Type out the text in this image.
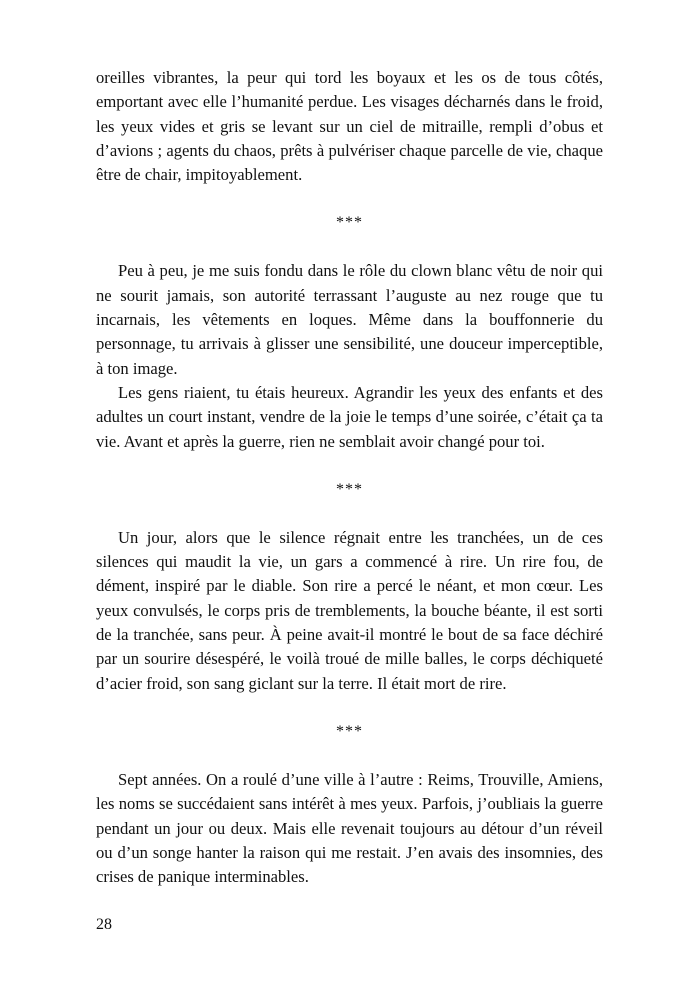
oreilles vibrantes, la peur qui tord les boyaux et les os de tous côtés, emportant avec elle l’humanité perdue. Les visages décharnés dans le froid, les yeux vides et gris se levant sur un ciel de mitraille, rempli d’obus et d’avions ; agents du chaos, prêts à pulvériser chaque parcelle de vie, chaque être de chair, impitoyablement.

***

Peu à peu, je me suis fondu dans le rôle du clown blanc vêtu de noir qui ne sourit jamais, son autorité terrassant l’auguste au nez rouge que tu incarnais, les vêtements en loques. Même dans la bouffonnerie du personnage, tu arrivais à glisser une sensibilité, une douceur imperceptible, à ton image.

Les gens riaient, tu étais heureux. Agrandir les yeux des enfants et des adultes un court instant, vendre de la joie le temps d’une soirée, c’était ça ta vie. Avant et après la guerre, rien ne semblait avoir changé pour toi.

***

Un jour, alors que le silence régnait entre les tranchées, un de ces silences qui maudit la vie, un gars a commencé à rire. Un rire fou, de dément, inspiré par le diable. Son rire a percé le néant, et mon cœur. Les yeux convulsés, le corps pris de tremblements, la bouche béante, il est sorti de la tranchée, sans peur. À peine avait-il montré le bout de sa face déchiré par un sourire désespéré, le voilà troué de mille balles, le corps déchiqueté d’acier froid, son sang giclant sur la terre. Il était mort de rire.

***

Sept années. On a roulé d’une ville à l’autre : Reims, Trouville, Amiens, les noms se succédaient sans intérêt à mes yeux. Parfois, j’oubliais la guerre pendant un jour ou deux. Mais elle revenait toujours au détour d’un réveil ou d’un songe hanter la raison qui me restait. J’en avais des insomnies, des crises de panique interminables.

28
